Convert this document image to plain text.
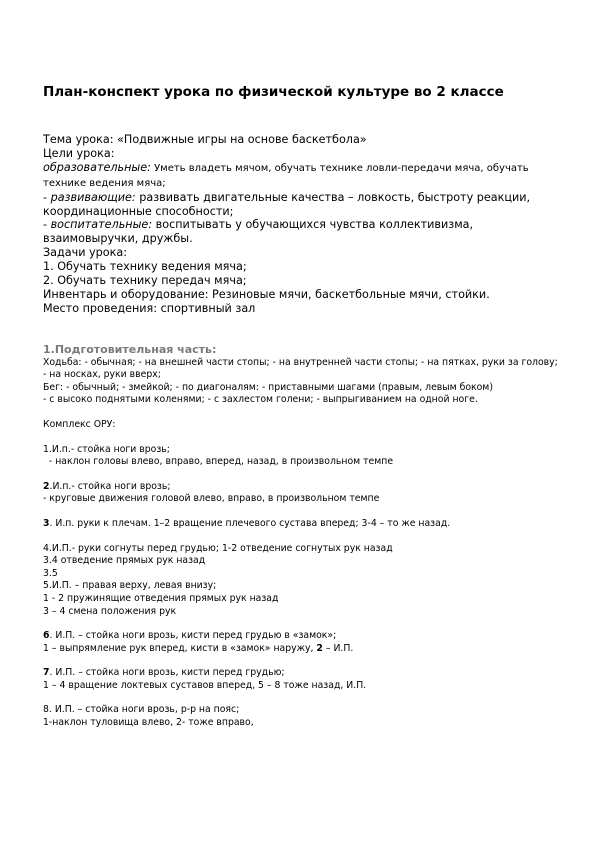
План-конспект урока по физической культуре во 2 классе

Тема урока: «Подвижные игры на основе баскетбола»

Цели урока:

образовательные: Уметь владеть мячом, обучать технике ловли-передачи мяча, обучать технике ведения мяча;

- развивающие: развивать двигательные качества – ловкость, быстроту реакции, координационные способности;

- воспитательные: воспитывать у обучающихся чувства коллективизма, взаимовыручки, дружбы.

Задачи урока:

1. Обучать технику ведения мяча;

2. Обучать технику передач мяча;

Инвентарь и оборудование: Резиновые мячи, баскетбольные мячи, стойки.

Место проведения: спортивный зал

1.Подготовительная часть:

Ходьба: - обычная; - на внешней части стопы; - на внутренней части стопы; - на пятках, руки за голову; - на носках, руки вверх;

Бег: - обычный; - змейкой; - по диагоналям: - приставными шагами (правым, левым боком)

- с высоко поднятыми коленями; - с захлестом голени; - выпрыгиванием на одной ноге.

Комплекс ОРУ:

1.И.п.- стойка ноги врозь;

- наклон головы влево, вправо, вперед, назад, в произвольном темпе

2.И.п.- стойка ноги врозь;

- круговые движения головой влево, вправо, в произвольном темпе

3. И.п. руки к плечам. 1–2 вращение плечевого сустава вперед; 3-4 – то же назад.

4.И.П.- руки согнуты перед грудью; 1-2 отведение согнутых рук назад

3.4 отведение прямых рук назад

3.5

5.И.П. – правая верху, левая внизу;

1 - 2 пружинящие отведения прямых рук назад

3 – 4 смена положения рук

6. И.П. – стойка ноги врозь, кисти перед грудью в «замок»;

1 – выпрямление рук вперед, кисти в «замок» наружу, 2 – И.П.

7. И.П. – стойка ноги врозь, кисти перед грудью;

1 – 4 вращение локтевых суставов вперед, 5 – 8 тоже назад, И.П.

8. И.П. – стойка ноги врозь, р-р на пояс;

1-наклон туловища влево, 2- тоже вправо,
